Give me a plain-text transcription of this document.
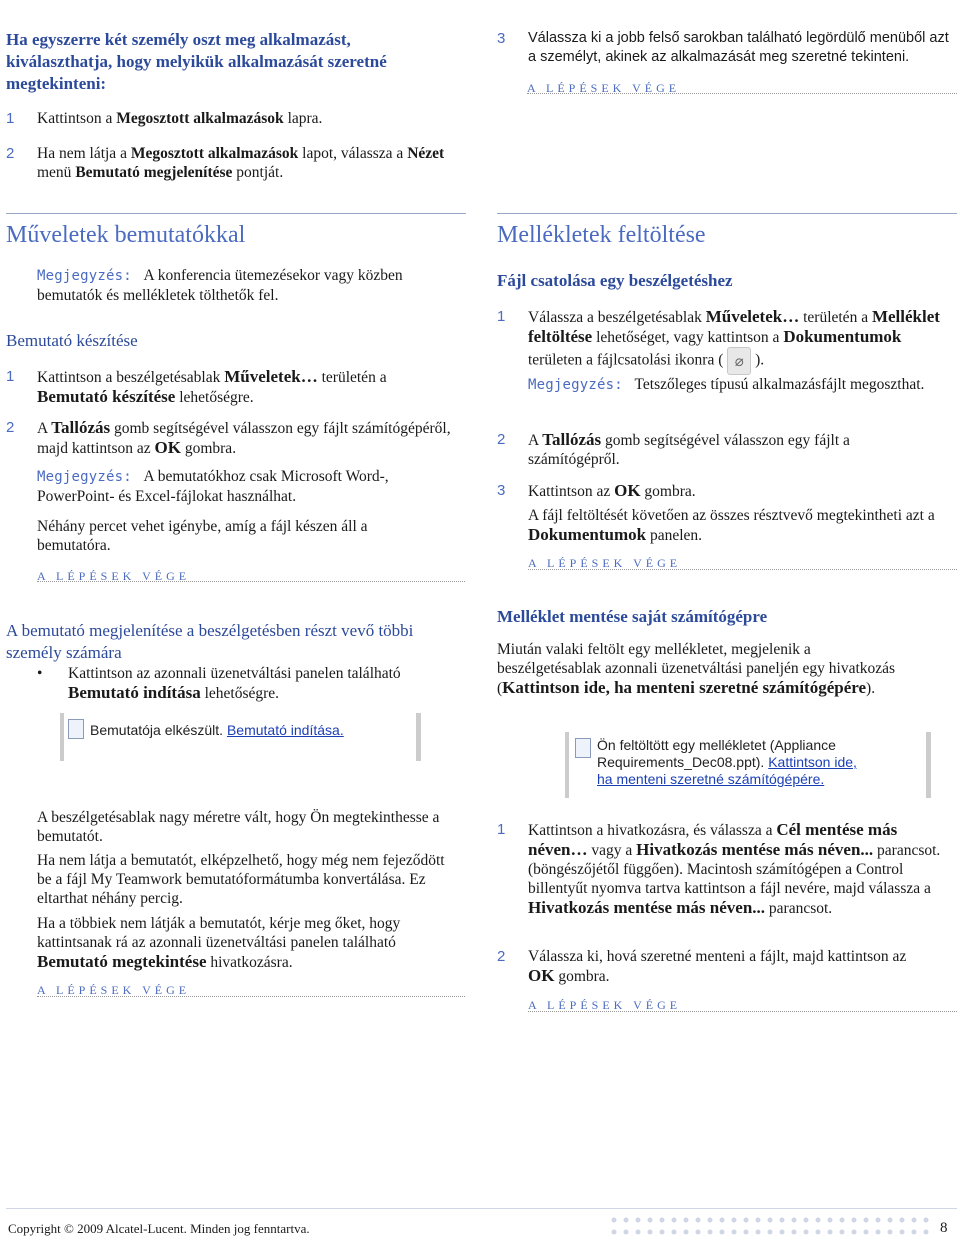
Ha egyszerre két személy oszt meg alkalmazást, kiválaszthatja, hogy melyikük alkalmazását szeretné megtekinteni:
1 Kattintson a Megosztott alkalmazások lapra.
2 Ha nem látja a Megosztott alkalmazások lapot, válassza a Nézet menü Bemutató megjelenítése pontját.
3 Válassza ki a jobb felső sarokban található legördülő menüből azt a személyt, akinek az alkalmazását meg szeretné tekinteni.
A LÉPÉSEK VÉGE
Műveletek bemutatókkal
Megjegyzés: A konferencia ütemezésekor vagy közben bemutatók és mellékletek tölthetők fel.
Bemutató készítése
1 Kattintson a beszélgetésablak Műveletek… területén a Bemutató készítése lehetőségre.
2 A Tallózás gomb segítségével válasszon egy fájlt számítógépéről, majd kattintson az OK gombra.
Megjegyzés: A bemutatókhoz csak Microsoft Word-, PowerPoint- és Excel-fájlokat használhat.
Néhány percet vehet igénybe, amíg a fájl készen áll a bemutatóra.
A LÉPÉSEK VÉGE
A bemutató megjelenítése a beszélgetésben részt vevő többi személy számára
• Kattintson az azonnali üzenetváltási panelen található Bemutató indítása lehetőségre.
Bemutatója elkészült. Bemutató indítása.
A beszélgetésablak nagy méretre vált, hogy Ön megtekinthesse a bemutatót.
Ha nem látja a bemutatót, elképzelhető, hogy még nem fejeződött be a fájl My Teamwork bemutatóformátumba konvertálása. Ez eltarthat néhány percig.
Ha a többiek nem látják a bemutatót, kérje meg őket, hogy kattintsanak rá az azonnali üzenetváltási panelen található Bemutató megtekintése hivatkozásra.
A LÉPÉSEK VÉGE
Mellékletek feltöltése
Fájl csatolása egy beszélgetéshez
1 Válassza a beszélgetésablak Műveletek… területén a Melléklet feltöltése lehetőséget, vagy kattintson a Dokumentumok területen a fájlcsatolási ikonra ( ⌀ ).
Megjegyzés: Tetszőleges típusú alkalmazásfájlt megoszthat.
2 A Tallózás gomb segítségével válasszon egy fájlt a számítógépről.
3 Kattintson az OK gombra.
A fájl feltöltését követően az összes résztvevő megtekintheti azt a Dokumentumok panelen.
A LÉPÉSEK VÉGE
Melléklet mentése saját számítógépre
Miután valaki feltölt egy mellékletet, megjelenik a beszélgetésablak azonnali üzenetváltási paneljén egy hivatkozás (Kattintson ide, ha menteni szeretné számítógépére).
Ön feltöltött egy mellékletet (Appliance
Requirements_Dec08.ppt). Kattintson ide,
ha menteni szeretné számítógépére.
1 Kattintson a hivatkozásra, és válassza a Cél mentése más néven… vagy a Hivatkozás mentése más néven... parancsot. (böngészőjétől függően). Macintosh számítógépen a Control billentyűt nyomva tartva kattintson a fájl nevére, majd válassza a Hivatkozás mentése más néven... parancsot.
2 Válassza ki, hová szeretné menteni a fájlt, majd kattintson az OK gombra.
A LÉPÉSEK VÉGE
Copyright © 2009 Alcatel-Lucent. Minden jog fenntartva.	8
